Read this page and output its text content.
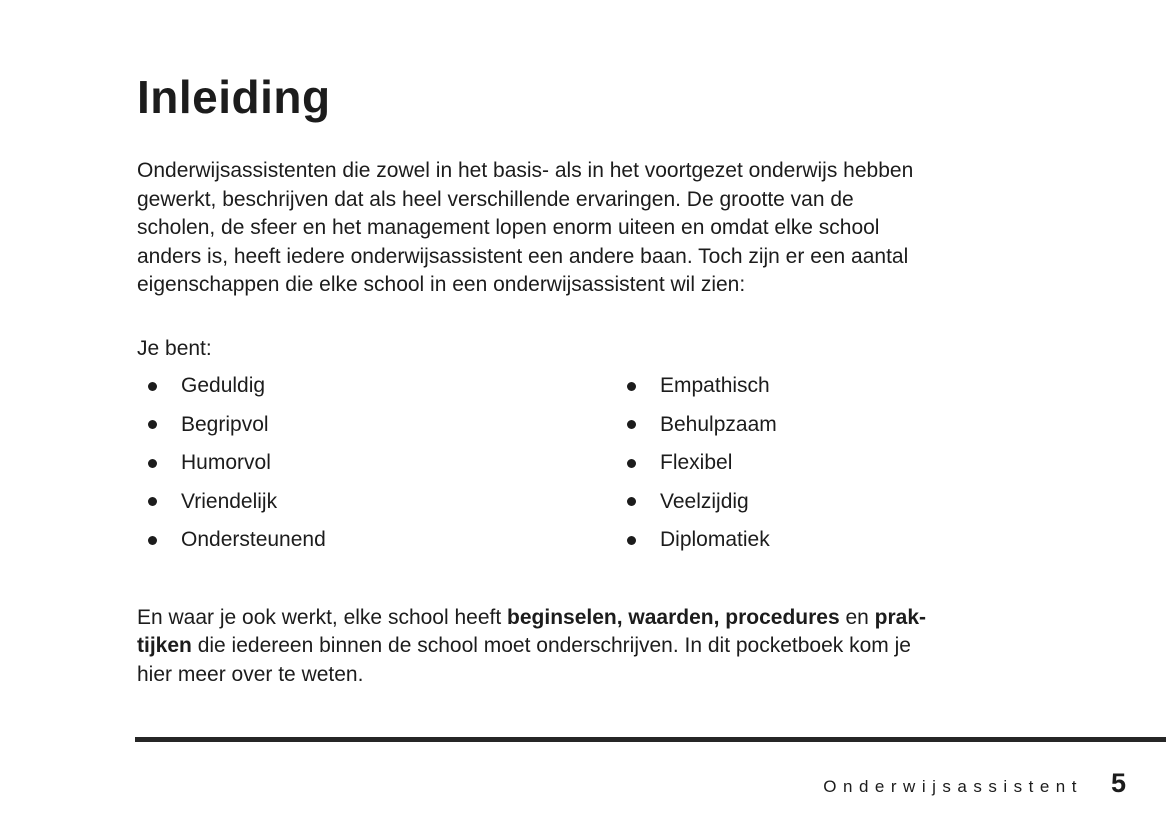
Inleiding

Onderwijsassistenten die zowel in het basis- als in het voortgezet onderwijs hebben
gewerkt, beschrijven dat als heel verschillende ervaringen. De grootte van de
scholen, de sfeer en het management lopen enorm uiteen en omdat elke school
anders is, heeft iedere onderwijsassistent een andere baan. Toch zijn er een aantal
eigenschappen die elke school in een onderwijsassistent wil zien:

Je bent:

Geduldig
Begripvol
Humorvol
Vriendelijk
Ondersteunend
Empathisch
Behulpzaam
Flexibel
Veelzijdig
Diplomatiek

En waar je ook werkt, elke school heeft beginselen, waarden, procedures en prak-
tijken die iedereen binnen de school moet onderschrijven. In dit pocketboek kom je
hier meer over te weten.

Onderwijsassistent 5
